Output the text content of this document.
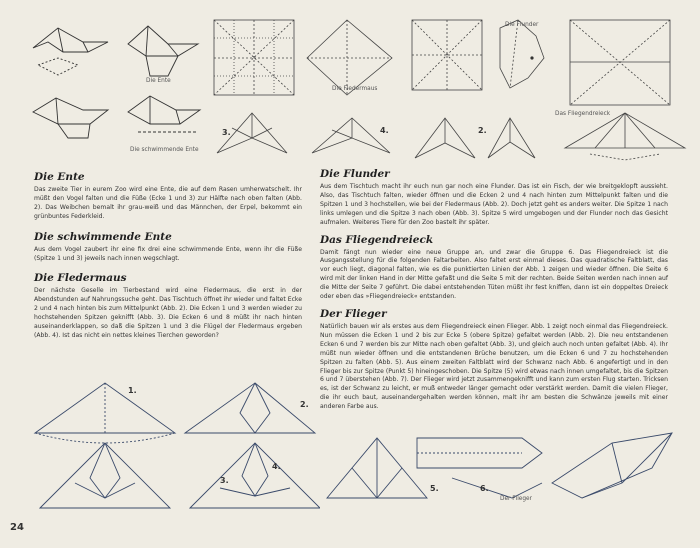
Die Ente
Die schwimmende Ente
Die Fledermaus
3.	4.
Die Flunder
2.
Das Fliegendreieck
Die Ente

Das zweite Tier in eurem Zoo wird eine Ente, die auf dem Rasen umherwatschelt. Ihr müßt den Vogel falten und die Füße (Ecke 1 und 3) zur Hälfte nach oben falten (Abb. 2). Das Weibchen bemalt ihr grau-weiß und das Männchen, der Erpel, bekommt ein grünbuntes Federkleid.

Die schwimmende Ente

Aus dem Vogel zaubert ihr eine fix drei eine schwimmende Ente, wenn ihr die Füße (Spitze 1 und 3) jeweils nach innen wegschlagt.

Die Fledermaus

Der nächste Geselle im Tierbestand wird eine Fledermaus, die erst in der Abendstunden auf Nahrungssuche geht. Das Tischtuch öffnet ihr wieder und faltet Ecke 2 und 4 nach hinten bis zum Mittelpunkt (Abb. 2). Die Ecken 1 und 3 werden wieder zu hochstehenden Spitzen geknifft (Abb. 3). Die Ecken 6 und 8 müßt ihr nach hinten auseinanderklappen, so daß die Spitzen 1 und 3 die Flügel der Fledermaus ergeben (Abb. 4). Ist das nicht ein nettes kleines Tierchen geworden?

Die Flunder

Aus dem Tischtuch macht ihr euch nun gar noch eine Flunder. Das ist ein Fisch, der wie breitgeklopft aussieht. Also, das Tischtuch falten, wieder öffnen und die Ecken 2 und 4 nach hinten zum Mittelpunkt falten und die Spitzen 1 und 3 hochstellen, wie bei der Fledermaus (Abb. 2). Doch jetzt geht es anders weiter. Die Spitze 1 nach links umlegen und die Spitze 3 nach oben (Abb. 3). Spitze 5 wird umgebogen und der Flunder noch das Gesicht aufmalen. Weiteres Tiere für den Zoo bastelt ihr später.

Das Fliegendreieck

Damit fängt nun wieder eine neue Gruppe an, und zwar die Gruppe 6. Das Fliegendreieck ist die Ausgangsstellung für die folgenden Faltarbeiten. Also faltet erst einmal dieses. Das quadratische Faltblatt, das vor euch liegt, diagonal falten, wie es die punktierten Linien der Abb. 1 zeigen und wieder öffnen. Die Seite 6 wird mit der linken Hand in der Mitte gefaßt und die Seite 5 mit der rechten. Beide Seiten werden nach innen auf die Mitte der Seite 7 geführt. Die dabei entstehenden Tüten müßt ihr fest kniffen, dann ist ein doppeltes Dreieck oder eben das »Fliegendreieck« entstanden.

Der Flieger

Natürlich bauen wir als erstes aus dem Fliegendreieck einen Flieger. Abb. 1 zeigt noch einmal das Fliegendreieck. Nun müssen die Ecken 1 und 2 bis zur Ecke 5 (obere Spitze) gefaltet werden (Abb. 2). Die neu entstandenen Ecken 6 und 7 werden bis zur Mitte nach oben gefaltet (Abb. 3), und gleich auch noch unten gefaltet (Abb. 4). Ihr müßt nun wieder öffnen und die entstandenen Brüche benutzen, um die Ecken 6 und 7 zu hochstehenden Spitzen zu falten (Abb. 5). Aus einem zweiten Faltblatt wird der Schwanz nach Abb. 6 angefertigt und in den Flieger bis zur Spitze (Punkt 5) hineingeschoben. Die Spitze (5) wird etwas nach innen umgefaltet, bis die Spitzen 6 und 7 überstehen (Abb. 7). Der Flieger wird jetzt zusammengeknifft und kann zum ersten Flug starten. Tricksen es, ist der Schwanz zu leicht, er muß entweder länger gemacht oder verstärkt werden. Damit die vielen Flieger, die ihr euch baut, auseinandergehalten werden können, malt ihr am besten die Schwänze jeweils mit einer anderen Farbe aus.

1.
2.
3.
4.
5.	6.
Der Flieger
24
